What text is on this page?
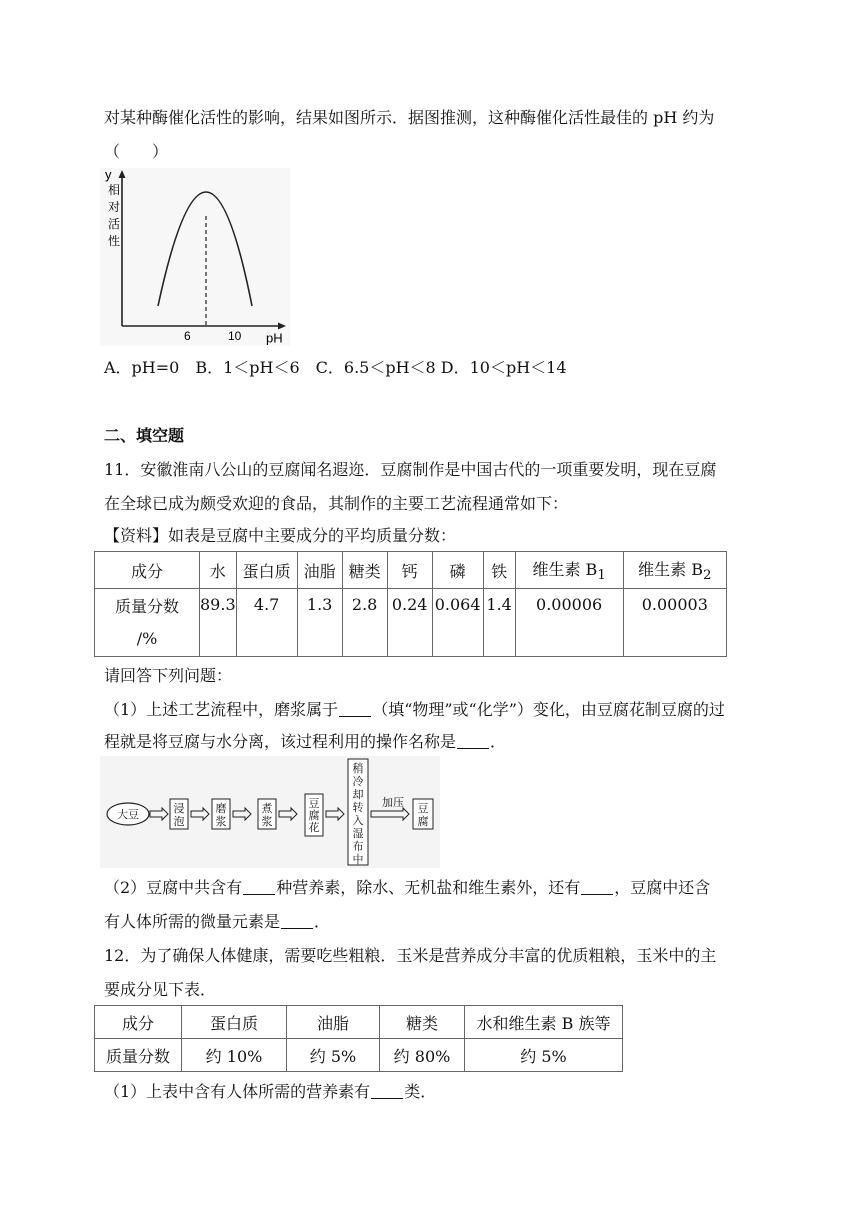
对某种酶催化活性的影响，结果如图所示．据图推测，这种酶催化活性最佳的 pH 约为
（　　）
y
相
对
活
性
6	10 pH
A．pH=0　B．1＜pH＜6　C．6.5＜pH＜8 D．10＜pH＜14
二、填空题
11．安徽淮南八公山的豆腐闻名遐迩．豆腐制作是中国古代的一项重要发明，现在豆腐
在全球已成为颇受欢迎的食品，其制作的主要工艺流程通常如下：
【资料】如表是豆腐中主要成分的平均质量分数：
成分	水	蛋白质	油脂	糖类	钙	磷	铁	维生素 $B_1$	维生素 $B_2$
质量分数
/%	89.3	4.7	1.3	2.8	0.24	0.064	1.4	0.00006	0.00003
请回答下列问题：
（1）上述工艺流程中，磨浆属于 （填“物理”或“化学”）变化，由豆腐花制豆腐的过
程就是将豆腐与水分离，该过程利用的操作名称是 ．
大豆	浸
泡
磨
浆
煮
浆
豆
腐
花
稍
冷
却
转
入
湿
布
中
加压 豆
腐
（2）豆腐中共含有 种营养素，除水、无机盐和维生素外，还有 ，豆腐中还含
有人体所需的微量元素是 ．
12．为了确保人体健康，需要吃些粗粮．玉米是营养成分丰富的优质粗粮，玉米中的主
要成分见下表．
成分	蛋白质	油脂	糖类	水和维生素 B 族等
质量分数	约 10%	约 5%	约 80%	约 5%
（1）上表中含有人体所需的营养素有 类．
